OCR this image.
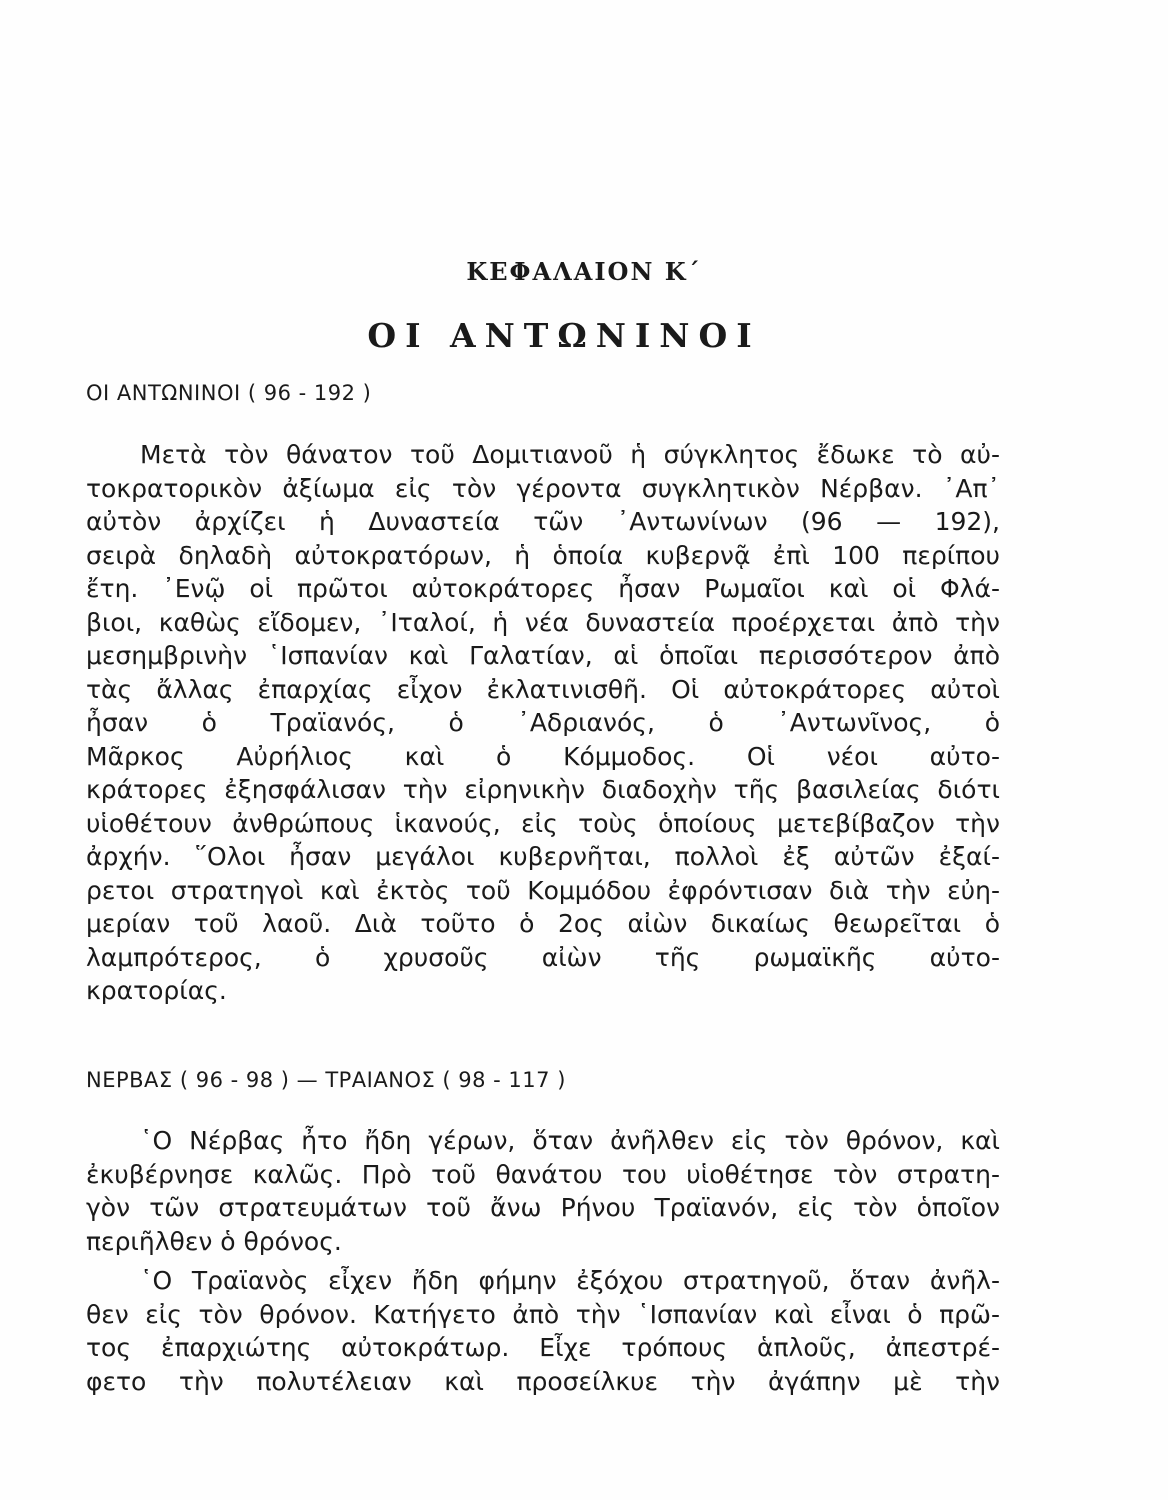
ΚΕΦΑΛΑΙΟΝ Κ΄
ΟΙ ΑΝΤΩΝΙΝΟΙ
ΟΙ ΑΝΤΩΝΙΝΟΙ ( 96 - 192 )

Μετὰ τὸν θάνατον τοῦ Δομιτιανοῦ ἡ σύγκλητος ἔδωκε τὸ αὐ-
τοκρατορικὸν ἀξίωμα εἰς τὸν γέροντα συγκλητικὸν Νέρβαν. ᾿Απ᾿
αὐτὸν ἀρχίζει ἡ Δυναστεία τῶν ᾿Αντωνίνων (96 — 192),
σειρὰ δηλαδὴ αὐτοκρατόρων, ἡ ὁποία κυβερνᾷ ἐπὶ 100 περίπου
ἔτη. ᾿Ενῷ οἱ πρῶτοι αὐτοκράτορες ἦσαν Ρωμαῖοι καὶ οἱ Φλά-
βιοι, καθὼς εἴδομεν, ᾿Ιταλοί, ἡ νέα δυναστεία προέρχεται ἀπὸ τὴν
μεσημβρινὴν ῾Ισπανίαν καὶ Γαλατίαν, αἱ ὁποῖαι περισσότερον ἀπὸ
τὰς ἄλλας ἐπαρχίας εἶχον ἐκλατινισθῆ. Οἱ αὐτοκράτορες αὐτοὶ
ἦσαν ὁ Τραϊανός, ὁ ᾿Αδριανός, ὁ ᾿Αντωνῖνος, ὁ
Μᾶρκος Αὐρήλιος καὶ ὁ Κόμμοδος. Οἱ νέοι αὐτο-
κράτορες ἐξησφάλισαν τὴν εἰρηνικὴν διαδοχὴν τῆς βασιλείας διότι
υἱοθέτουν ἀνθρώπους ἱκανούς, εἰς τοὺς ὁποίους μετεβίβαζον τὴν
ἀρχήν. ῞Ολοι ἦσαν μεγάλοι κυβερνῆται, πολλοὶ ἐξ αὐτῶν ἐξαί-
ρετοι στρατηγοὶ καὶ ἐκτὸς τοῦ Κομμόδου ἐφρόντισαν διὰ τὴν εὐη-
μερίαν τοῦ λαοῦ. Διὰ τοῦτο ὁ 2ος αἰὼν δικαίως θεωρεῖται ὁ
λαμπρότερος, ὁ χρυσοῦς αἰὼν τῆς ρωμαϊκῆς αὐτο-
κρατορίας.

ΝΕΡΒΑΣ ( 96 - 98 ) — ΤΡΑΙΑΝΟΣ ( 98 - 117 )

῾Ο Νέρβας ἦτο ἤδη γέρων, ὅταν ἀνῆλθεν εἰς τὸν θρόνον, καὶ
ἐκυβέρνησε καλῶς. Πρὸ τοῦ θανάτου του υἱοθέτησε τὸν στρατη-
γὸν τῶν στρατευμάτων τοῦ ἄνω Ρήνου Τραϊανόν, εἰς τὸν ὁποῖον
περιῆλθεν ὁ θρόνος.

῾Ο Τραϊανὸς εἶχεν ἤδη φήμην ἐξόχου στρατηγοῦ, ὅταν ἀνῆλ-
θεν εἰς τὸν θρόνον. Κατήγετο ἀπὸ τὴν ῾Ισπανίαν καὶ εἶναι ὁ πρῶ-
τος ἐπαρχιώτης αὐτοκράτωρ. Εἶχε τρόπους ἁπλοῦς, ἀπεστρέ-
φετο τὴν πολυτέλειαν καὶ προσείλκυε τὴν ἀγάπην μὲ τὴν
